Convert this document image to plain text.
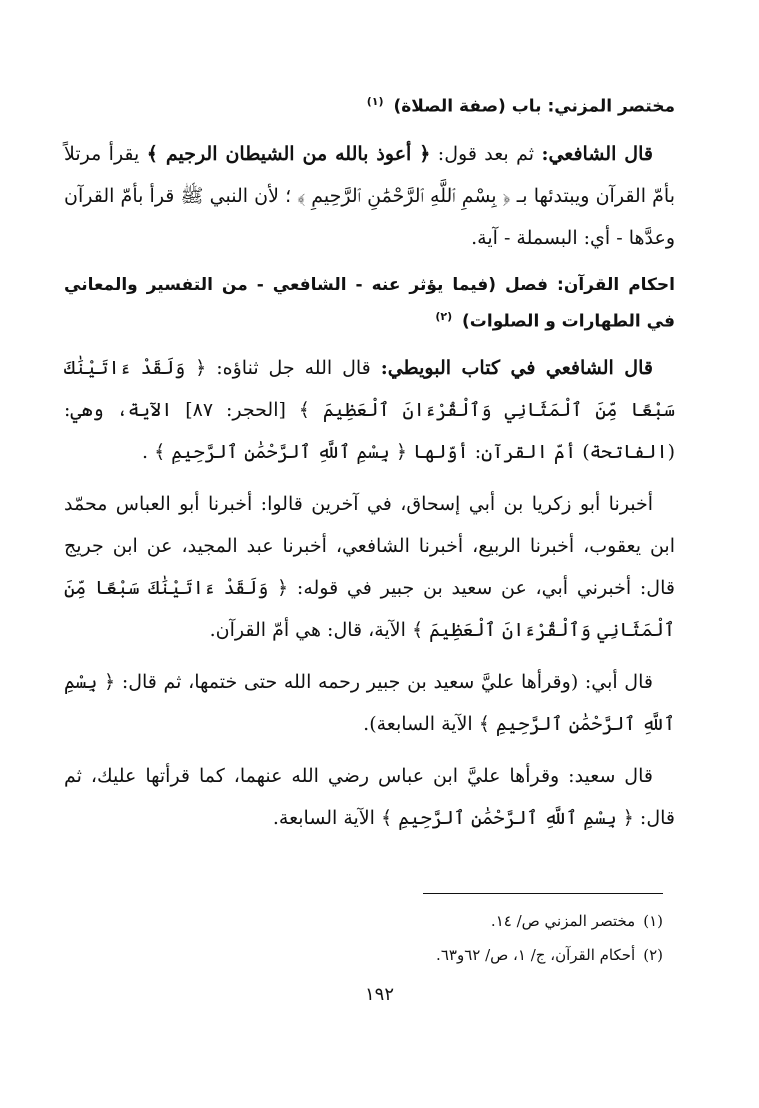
مختصر المزني: باب (صفة الصلاة) $^{(١)}$

قال الشافعي: ثم بعد قول: ﴿ أعوذ بالله من الشيطان الرجيم ﴾ يقرأ مرتلاً بأمّ القرآن ويبتدئها بـ ﴿ بِسْمِ ٱللَّهِ ٱلرَّحْمَٰنِ ٱلرَّحِيمِ ﴾ ؛ لأن النبي ﷺ قرأ بأمّ القرآن وعدَّها - أي: البسملة - آية.

احكام القرآن: فصل (فيما يؤثر عنه - الشافعي - من التفسير والمعاني في الطهارات و الصلوات) $^{(٢)}$

قال الشافعي في كتاب البويطي: قال الله جل ثناؤه: ﴿ وَلَقَدْ ءَاتَيْنَٰكَ سَبْعًا مِّنَ ٱلْمَثَانِي وَٱلْقُرْءَانَ ٱلْعَظِيمَ ﴾ [الحجر: ٨٧] الآية، وهي: (الفاتحة) أمّ القرآن: أوّلها ﴿ بِسْمِ ٱللَّهِ ٱلرَّحْمَٰنِ ٱلرَّحِيمِ ﴾ .

أخبرنا أبو زكريا بن أبي إسحاق، في آخرين قالوا: أخبرنا أبو العباس محمّد ابن يعقوب، أخبرنا الربيع، أخبرنا الشافعي، أخبرنا عبد المجيد، عن ابن جريج قال: أخبرني أبي، عن سعيد بن جبير في قوله: ﴿ وَلَقَدْ ءَاتَيْنَٰكَ سَبْعًا مِّنَ ٱلْمَثَانِي وَٱلْقُرْءَانَ ٱلْعَظِيمَ ﴾ الآية، قال: هي أمّ القرآن.

قال أبي: (وقرأها عليَّ سعيد بن جبير رحمه الله حتى ختمها، ثم قال: ﴿ بِسْمِ ٱللَّهِ ٱلرَّحْمَٰنِ ٱلرَّحِيمِ ﴾ الآية السابعة).

قال سعيد: وقرأها عليَّ ابن عباس رضي الله عنهما، كما قرأتها عليك، ثم قال: ﴿ بِسْمِ ٱللَّهِ ٱلرَّحْمَٰنِ ٱلرَّحِيمِ ﴾ الآية السابعة.

(١)
مختصر المزني ص/ ١٤.
(٢)
أحكام القرآن، ج/ ١، ص/ ٦٢و٦٣.
١٩٢
